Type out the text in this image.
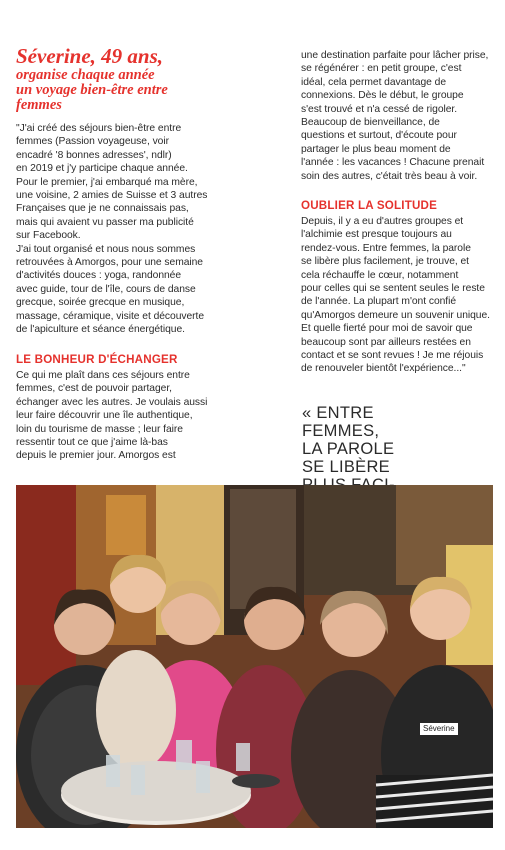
Séverine, 49 ans,
organise chaque année
un voyage bien-être entre
femmes

"J'ai créé des séjours bien-être entre
femmes (Passion voyageuse, voir
encadré '8 bonnes adresses', ndlr)
en 2019 et j'y participe chaque année.
Pour le premier, j'ai embarqué ma mère,
une voisine, 2 amies de Suisse et 3 autres
Françaises que je ne connaissais pas,
mais qui avaient vu passer ma publicité
sur Facebook.
J'ai tout organisé et nous nous sommes
retrouvées à Amorgos, pour une semaine
d'activités douces : yoga, randonnée
avec guide, tour de l'île, cours de danse
grecque, soirée grecque en musique,
massage, céramique, visite et découverte
de l'apiculture et séance énergétique.

LE BONHEUR D'ÉCHANGER

Ce qui me plaît dans ces séjours entre
femmes, c'est de pouvoir partager,
échanger avec les autres. Je voulais aussi
leur faire découvrir une île authentique,
loin du tourisme de masse ; leur faire
ressentir tout ce que j'aime là-bas
depuis le premier jour. Amorgos est

une destination parfaite pour lâcher prise,
se régénérer : en petit groupe, c'est
idéal, cela permet davantage de
connexions. Dès le début, le groupe
s'est trouvé et n'a cessé de rigoler.
Beaucoup de bienveillance, de
questions et surtout, d'écoute pour
partager le plus beau moment de
l'année : les vacances ! Chacune prenait
soin des autres, c'était très beau à voir.

OUBLIER LA SOLITUDE

Depuis, il y a eu d'autres groupes et
l'alchimie est presque toujours au
rendez-vous. Entre femmes, la parole
se libère plus facilement, je trouve, et
cela réchauffe le cœur, notamment
pour celles qui se sentent seules le reste
de l'année. La plupart m'ont confié
qu'Amorgos demeure un souvenir unique.
Et quelle fierté pour moi de savoir que
beaucoup sont par ailleurs restées en
contact et se sont revues ! Je me réjouis
de renouveler bientôt l'expérience..."

« ENTRE
FEMMES,
LA PAROLE
SE LIBÈRE

Séverine
